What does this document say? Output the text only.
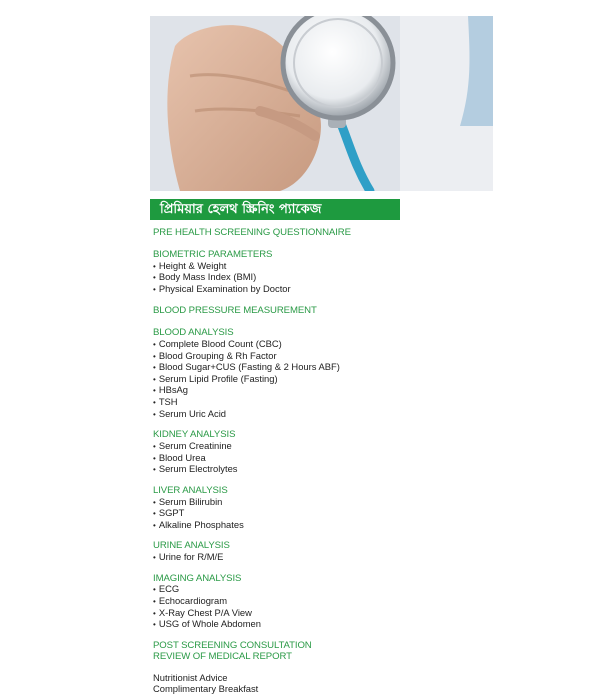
প্রিমিয়ার হেলথ স্ক্রিনিং প্যাকেজ
PRE HEALTH SCREENING QUESTIONNAIRE
BIOMETRIC PARAMETERS
• Height & Weight
• Body Mass Index (BMI)
• Physical Examination by Doctor
BLOOD PRESSURE MEASUREMENT
BLOOD ANALYSIS
• Complete Blood Count (CBC)
• Blood Grouping & Rh Factor
• Blood Sugar+CUS (Fasting & 2 Hours ABF)
• Serum Lipid Profile (Fasting)
• HBsAg
• TSH
• Serum Uric Acid
KIDNEY ANALYSIS
• Serum Creatinine
• Blood Urea
• Serum Electrolytes
LIVER ANALYSIS
• Serum Bilirubin
• SGPT
• Alkaline Phosphates
URINE ANALYSIS
• Urine for R/M/E
IMAGING ANALYSIS
• ECG
• Echocardiogram
• X-Ray Chest P/A View
• USG of Whole Abdomen
POST SCREENING CONSULTATION
REVIEW OF MEDICAL REPORT
Nutritionist Advice
Complimentary Breakfast
